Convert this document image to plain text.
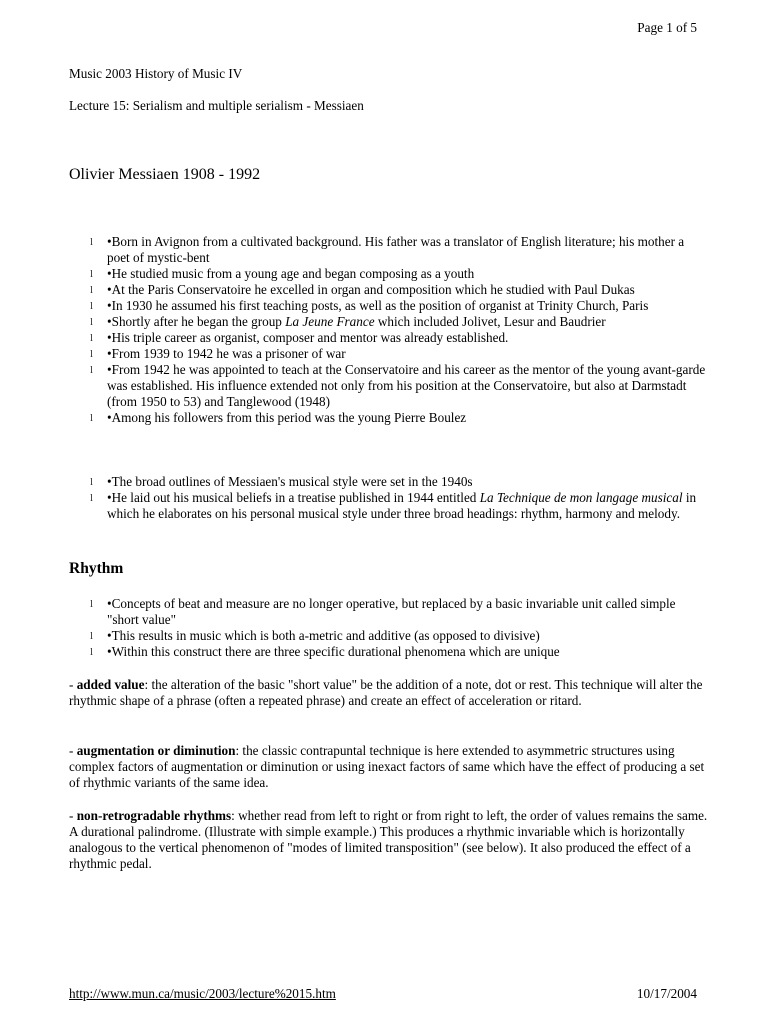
Page 1 of 5
Music 2003 History of Music IV
Lecture 15: Serialism and multiple serialism - Messiaen
Olivier Messiaen 1908 - 1992
l •Born in Avignon from a cultivated background. His father was a translator of English literature; his mother a poet of mystic-bent
l •He studied music from a young age and began composing as a youth
l •At the Paris Conservatoire he excelled in organ and composition which he studied with Paul Dukas
l •In 1930 he assumed his first teaching posts, as well as the position of organist at Trinity Church, Paris
l •Shortly after he began the group La Jeune France which included Jolivet, Lesur and Baudrier
l •His triple career as organist, composer and mentor was already established.
l •From 1939 to 1942 he was a prisoner of war
l •From 1942 he was appointed to teach at the Conservatoire and his career as the mentor of the young avant-garde was established. His influence extended not only from his position at the Conservatoire, but also at Darmstadt (from 1950 to 53) and Tanglewood (1948)
l •Among his followers from this period was the young Pierre Boulez
l •The broad outlines of Messiaen's musical style were set in the 1940s
l •He laid out his musical beliefs in a treatise published in 1944 entitled La Technique de mon langage musical in which he elaborates on his personal musical style under three broad headings: rhythm, harmony and melody.
Rhythm
l •Concepts of beat and measure are no longer operative, but replaced by a basic invariable unit called simple "short value"
l •This results in music which is both a-metric and additive (as opposed to divisive)
l •Within this construct there are three specific durational phenomena which are unique

- added value: the alteration of the basic "short value" be the addition of a note, dot or rest. This technique will alter the rhythmic shape of a phrase (often a repeated phrase) and create an effect of acceleration or ritard.

- augmentation or diminution: the classic contrapuntal technique is here extended to asymmetric structures using complex factors of augmentation or diminution or using inexact factors of same which have the effect of producing a set of rhythmic variants of the same idea.

- non-retrogradable rhythms: whether read from left to right or from right to left, the order of values remains the same. A durational palindrome. (Illustrate with simple example.) This produces a rhythmic invariable which is horizontally analogous to the vertical phenomenon of "modes of limited transposition" (see below). It also produced the effect of a rhythmic pedal.

http://www.mun.ca/music/2003/lecture%2015.htm	10/17/2004
